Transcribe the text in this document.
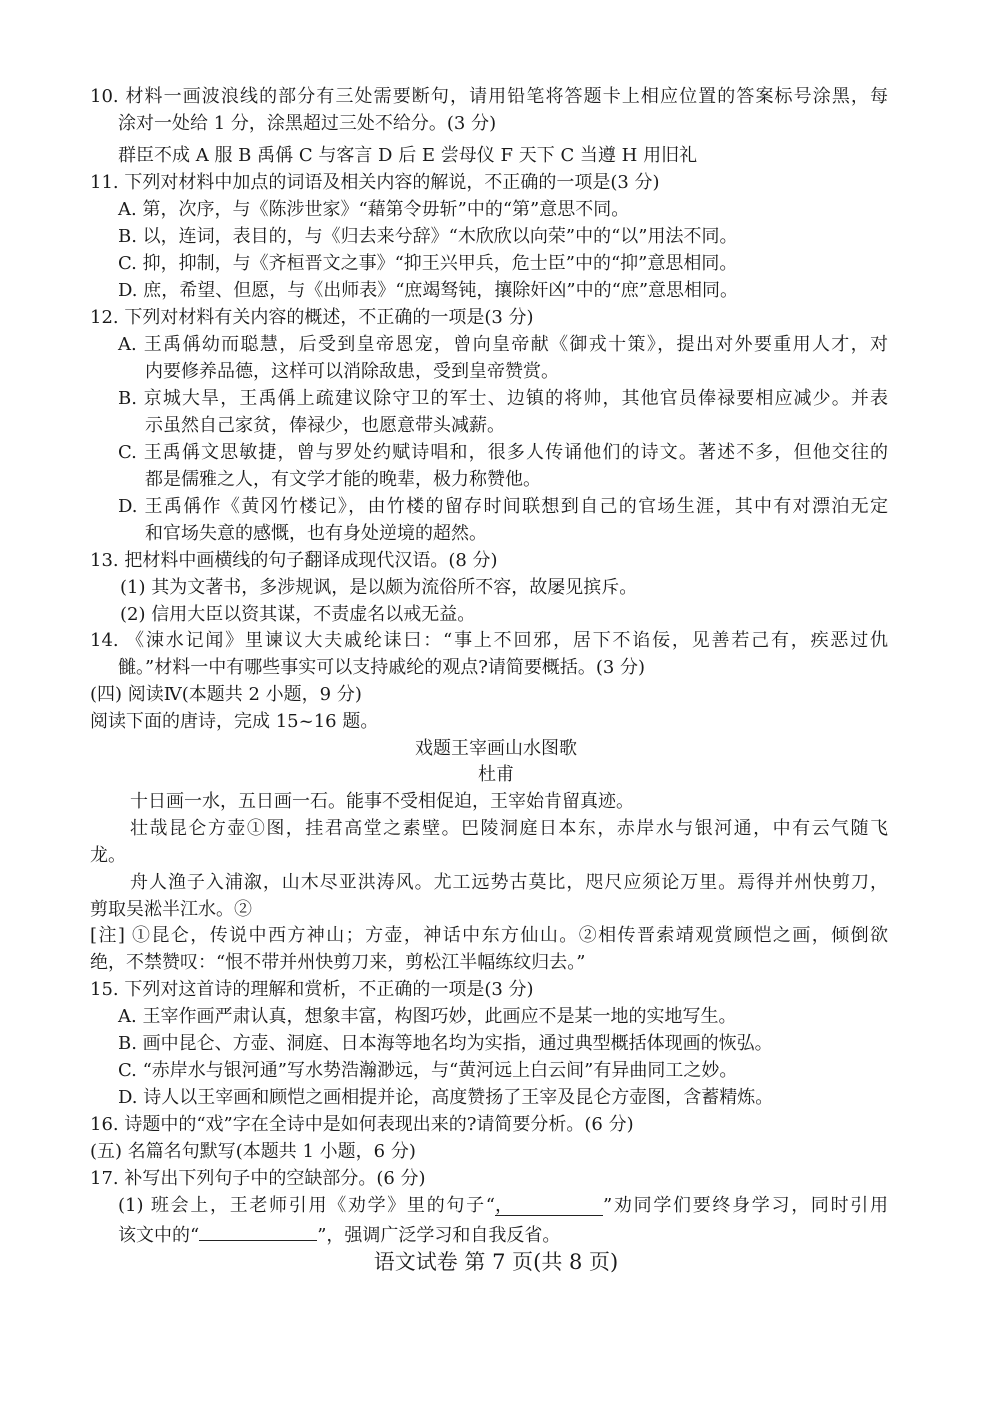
10. 材料一画波浪线的部分有三处需要断句，请用铅笔将答题卡上相应位置的答案标号涂黑，每
涂对一处给 1 分，涂黑超过三处不给分。(3 分)
群臣不成 A 服 B 禹偁 C 与客言 D 后 E 尝母仪 F 天下 C 当遵 H 用旧礼
11. 下列对材料中加点的词语及相关内容的解说，不正确的一项是(3 分)
A. 第，次序，与《陈涉世家》“藉第令毋斩”中的“第”意思不同。
B. 以，连词，表目的，与《归去来兮辞》“木欣欣以向荣”中的“以”用法不同。
C. 抑，抑制，与《齐桓晋文之事》“抑王兴甲兵，危士臣”中的“抑”意思相同。
D. 庶，希望、但愿，与《出师表》“庶竭驽钝，攘除奸凶”中的“庶”意思相同。
12. 下列对材料有关内容的概述，不正确的一项是(3 分)
A. 王禹偁幼而聪慧，后受到皇帝恩宠，曾向皇帝献《御戎十策》，提出对外要重用人才，对
内要修养品德，这样可以消除敌患，受到皇帝赞赏。
B. 京城大旱，王禹偁上疏建议除守卫的军士、边镇的将帅，其他官员俸禄要相应减少。并表
示虽然自己家贫，俸禄少，也愿意带头减薪。
C. 王禹偁文思敏捷，曾与罗处约赋诗唱和，很多人传诵他们的诗文。著述不多，但他交往的
都是儒雅之人，有文学才能的晚辈，极力称赞他。
D. 王禹偁作《黄冈竹楼记》，由竹楼的留存时间联想到自己的官场生涯，其中有对漂泊无定
和官场失意的感慨，也有身处逆境的超然。
13. 把材料中画横线的句子翻译成现代汉语。(8 分)
(1) 其为文著书，多涉规讽，是以颇为流俗所不容，故屡见摈斥。
(2) 信用大臣以资其谋，不责虚名以戒无益。
14. 《涑水记闻》里谏议大夫戚纶诔曰：“事上不回邪，居下不谄佞，见善若己有，疾恶过仇
雠。”材料一中有哪些事实可以支持戚纶的观点?请简要概括。(3 分)
(四) 阅读Ⅳ(本题共 2 小题，9 分)
阅读下面的唐诗，完成 15~16 题。
戏题王宰画山水图歌
杜甫
十日画一水，五日画一石。能事不受相促迫，王宰始肯留真迹。
壮哉昆仑方壶①图，挂君高堂之素壁。巴陵洞庭日本东，赤岸水与银河通，中有云气随飞
龙。
舟人渔子入浦溆，山木尽亚洪涛风。尤工远势古莫比，咫尺应须论万里。焉得并州快剪刀，
剪取吴淞半江水。②
[注] ①昆仑，传说中西方神山；方壶，神话中东方仙山。②相传晋索靖观赏顾恺之画，倾倒欲
绝，不禁赞叹：“恨不带并州快剪刀来，剪松江半幅练纹归去。”
15. 下列对这首诗的理解和赏析，不正确的一项是(3 分)
A. 王宰作画严肃认真，想象丰富，构图巧妙，此画应不是某一地的实地写生。
B. 画中昆仑、方壶、洞庭、日本海等地名均为实指，通过典型概括体现画的恢弘。
C. “赤岸水与银河通”写水势浩瀚渺远，与“黄河远上白云间”有异曲同工之妙。
D. 诗人以王宰画和顾恺之画相提并论，高度赞扬了王宰及昆仑方壶图，含蓄精炼。
16. 诗题中的“戏”字在全诗中是如何表现出来的?请简要分析。(6 分)
(五) 名篇名句默写(本题共 1 小题，6 分)
17. 补写出下列句子中的空缺部分。(6 分)
(1) 班会上，王老师引用《劝学》里的句子“，	”劝同学们要终身学习，同时引用
该文中的“	”，强调广泛学习和自我反省。
语文试卷 第 7 页(共 8 页)
